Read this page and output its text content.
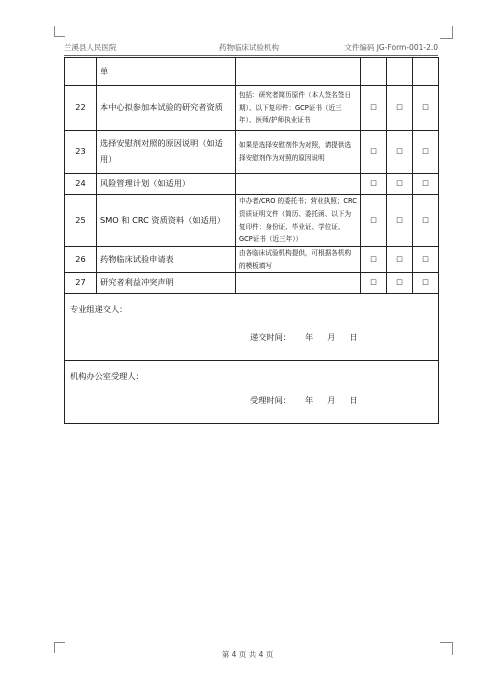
兰溪县人民医院	药物临床试验机构	文件编码 JG-Form-001-2.0
	单				
22	本中心拟参加本试验的研究者资质	包括：研究者简历原件（本人签名签日期）、以下复印件：GCP证书（近三年）、医师/护师执业证书	□	□	□
23	选择安慰剂对照的原因说明（如适用）	如果是选择安慰剂作为对照，请提供选择安慰剂作为对照的原因说明	□	□	□
24	风险管理计划（如适用）		□	□	□
25	SMO 和 CRC 资质资料（如适用）	申办者/CRO 的委托书；营业执照；CRC资质证明文件（简历、委托函、以下为复印件：身份证、毕业证、学位证、GCP证书（近三年））	□	□	□
26	药物临床试验申请表	由各临床试验机构提供，可根据各机构的模板填写	□	□	□
27	研究者利益冲突声明		□	□	□

专业组递交人：
递交时间： 年 月 日					

机构办公室受理人：
受理时间： 年 月 日					
第 4 页 共 4 页
